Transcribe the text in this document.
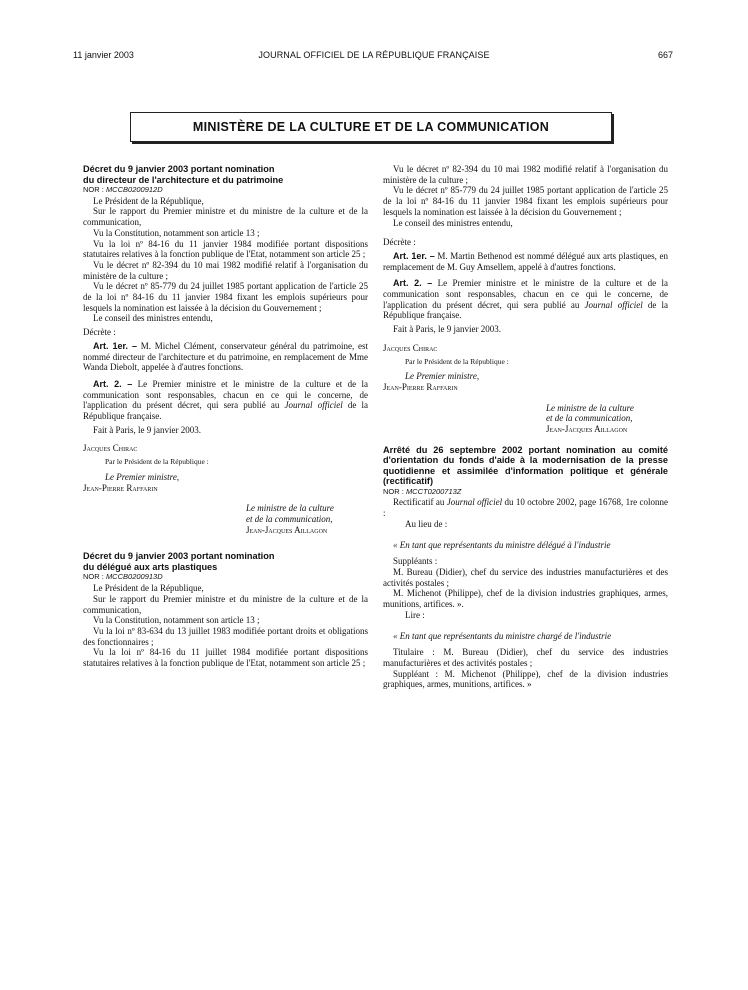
11 janvier 2003	JOURNAL OFFICIEL DE LA RÉPUBLIQUE FRANÇAISE	667
MINISTÈRE DE LA CULTURE ET DE LA COMMUNICATION

Décret du 9 janvier 2003 portant nomination

du directeur de l'architecture et du patrimoine

NOR : MCCB0200912D

Le Président de la République,

Sur le rapport du Premier ministre et du ministre de la culture et de la communication,

Vu la Constitution, notamment son article 13 ;

Vu la loi nº 84-16 du 11 janvier 1984 modifiée portant dispositions statutaires relatives à la fonction publique de l'Etat, notamment son article 25 ;

Vu le décret nº 82-394 du 10 mai 1982 modifié relatif à l'organisation du ministère de la culture ;

Vu le décret nº 85-779 du 24 juillet 1985 portant application de l'article 25 de la loi nº 84-16 du 11 janvier 1984 fixant les emplois supérieurs pour lesquels la nomination est laissée à la décision du Gouvernement ;

Le conseil des ministres entendu,

Décrète :

Art. 1er. – M. Michel Clément, conservateur général du patrimoine, est nommé directeur de l'architecture et du patrimoine, en remplacement de Mme Wanda Diebolt, appelée à d'autres fonctions.

Art. 2. – Le Premier ministre et le ministre de la culture et de la communication sont responsables, chacun en ce qui le concerne, de l'application du présent décret, qui sera publié au Journal officiel de la République française.

Fait à Paris, le 9 janvier 2003.

Jacques Chirac

Par le Président de la République :

Le Premier ministre,

Jean-Pierre Raffarin

Le ministre de la culture

et de la communication,

Jean-Jacques Aillagon

Décret du 9 janvier 2003 portant nomination

du délégué aux arts plastiques

NOR : MCCB0200913D

Le Président de la République,

Sur le rapport du Premier ministre et du ministre de la culture et de la communication,

Vu la Constitution, notamment son article 13 ;

Vu la loi nº 83-634 du 13 juillet 1983 modifiée portant droits et obligations des fonctionnaires ;

Vu la loi nº 84-16 du 11 juillet 1984 modifiée portant dispositions statutaires relatives à la fonction publique de l'Etat, notamment son article 25 ;

Vu le décret nº 82-394 du 10 mai 1982 modifié relatif à l'organisation du ministère de la culture ;

Vu le décret nº 85-779 du 24 juillet 1985 portant application de l'article 25 de la loi nº 84-16 du 11 janvier 1984 fixant les emplois supérieurs pour lesquels la nomination est laissée à la décision du Gouvernement ;

Le conseil des ministres entendu,

Décrète :

Art. 1er. – M. Martin Bethenod est nommé délégué aux arts plastiques, en remplacement de M. Guy Amsellem, appelé à d'autres fonctions.

Art. 2. – Le Premier ministre et le ministre de la culture et de la communication sont responsables, chacun en ce qui le concerne, de l'application du présent décret, qui sera publié au Journal officiel de la République française.

Fait à Paris, le 9 janvier 2003.

Jacques Chirac

Par le Président de la République :

Le Premier ministre,

Jean-Pierre Raffarin

Le ministre de la culture

et de la communication,

Jean-Jacques Aillagon

Arrêté du 26 septembre 2002 portant nomination au comité d'orientation du fonds d'aide à la modernisation de la presse quotidienne et assimilée d'information politique et générale (rectificatif)

NOR : MCCT0200713Z

Rectificatif au Journal officiel du 10 octobre 2002, page 16768, 1re colonne :

Au lieu de :

« En tant que représentants du ministre délégué à l'industrie

Suppléants :

M. Bureau (Didier), chef du service des industries manufacturières et des activités postales ;

M. Michenot (Philippe), chef de la division industries graphiques, armes, munitions, artifices. ».

Lire :

« En tant que représentants du ministre chargé de l'industrie

Titulaire : M. Bureau (Didier), chef du service des industries manufacturières et des activités postales ;

Suppléant : M. Michenot (Philippe), chef de la division industries graphiques, armes, munitions, artifices. »
